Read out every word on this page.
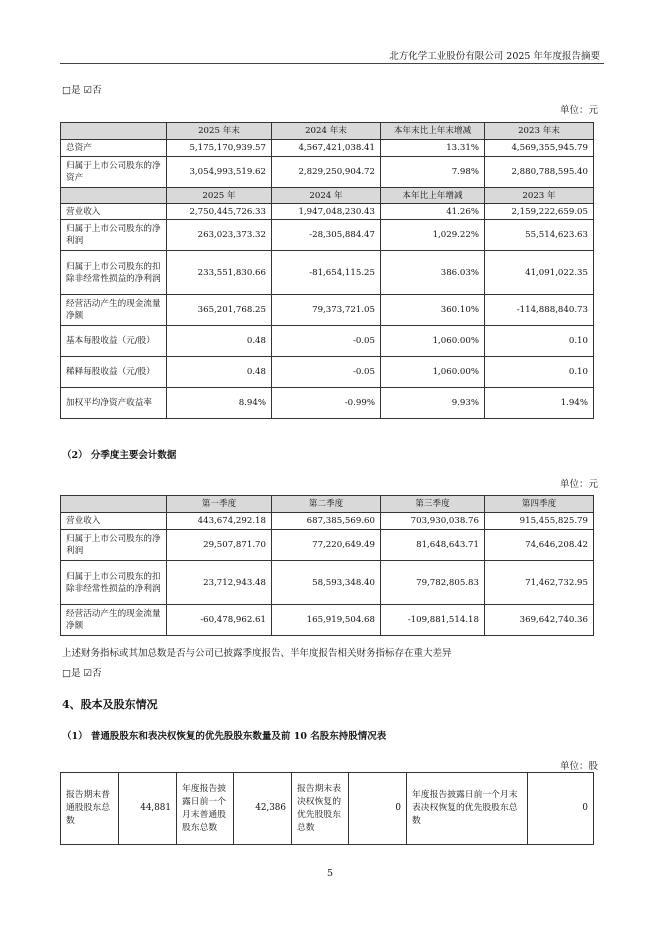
北方化学工业股份有限公司 2025 年年度报告摘要
□是 ☑否
单位：元
	2025 年末	2024 年末	本年末比上年末增减	2023 年末
总资产	5,175,170,939.57	4,567,421,038.41	13.31%	4,569,355,945.79
归属于上市公司股东的净资产	3,054,993,519.62	2,829,250,904.72	7.98%	2,880,788,595.40
	2025 年	2024 年	本年比上年增减	2023 年
营业收入	2,750,445,726.33	1,947,048,230.43	41.26%	2,159,222,659.05
归属于上市公司股东的净利润	263,023,373.32	-28,305,884.47	1,029.22%	55,514,623.63
归属于上市公司股东的扣除非经常性损益的净利润	233,551,830.66	-81,654,115.25	386.03%	41,091,022.35
经营活动产生的现金流量净额	365,201,768.25	79,373,721.05	360.10%	-114,888,840.73
基本每股收益（元/股）	0.48	-0.05	1,060.00%	0.10
稀释每股收益（元/股）	0.48	-0.05	1,060.00%	0.10
加权平均净资产收益率	8.94%	-0.99%	9.93%	1.94%
（2） 分季度主要会计数据
单位：元
	第一季度	第二季度	第三季度	第四季度
营业收入	443,674,292.18	687,385,569.60	703,930,038.76	915,455,825.79
归属于上市公司股东的净利润	29,507,871.70	77,220,649.49	81,648,643.71	74,646,208.42
归属于上市公司股东的扣除非经常性损益的净利润	23,712,943.48	58,593,348.40	79,782,805.83	71,462,732.95
经营活动产生的现金流量净额	-60,478,962.61	165,919,504.68	-109,881,514.18	369,642,740.36
上述财务指标或其加总数是否与公司已披露季度报告、半年度报告相关财务指标存在重大差异
□是 ☑否
4、股本及股东情况
（1） 普通股股东和表决权恢复的优先股股东数量及前 10 名股东持股情况表
单位：股
报告期末普通股股东总数	44,881	年度报告披露日前一个月末普通股股东总数	42,386	报告期末表决权恢复的优先股股东总数	0	年度报告披露日前一个月末表决权恢复的优先股股东总数	0
5
